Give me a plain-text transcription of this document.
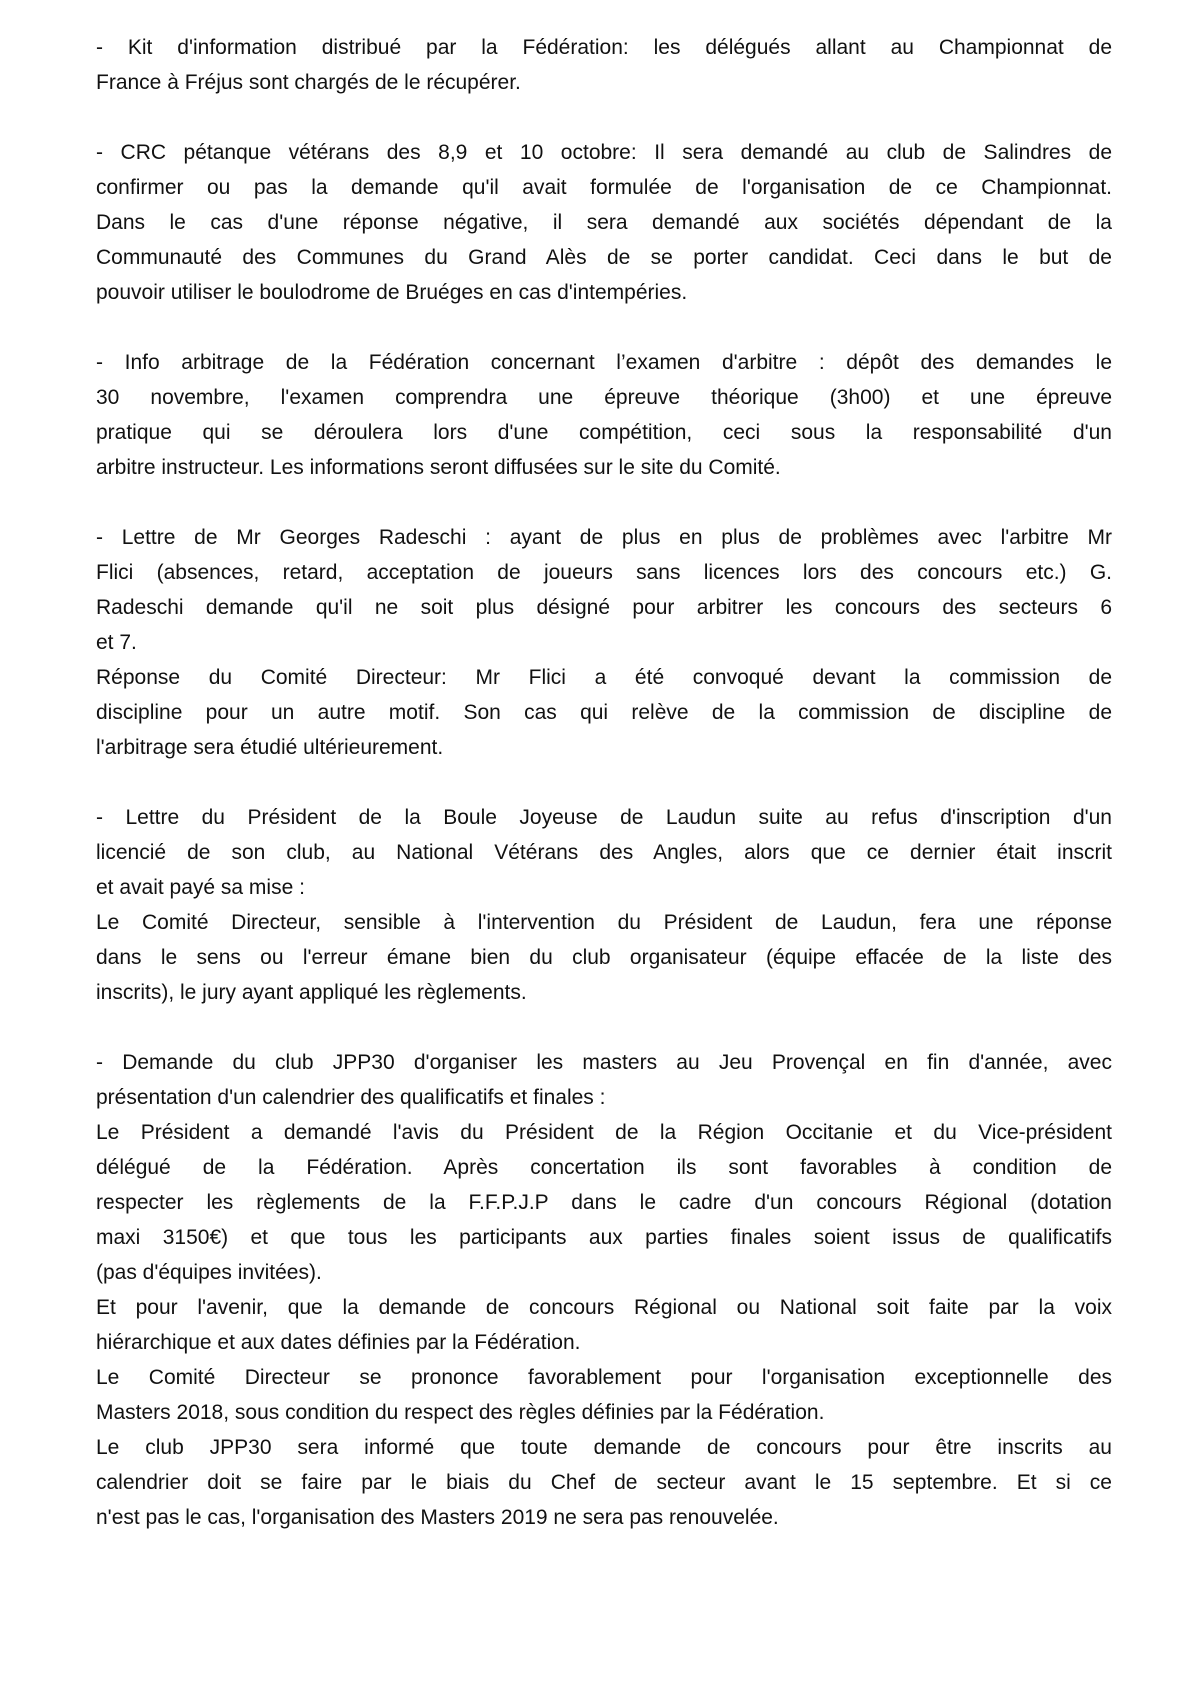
- Kit d'information distribué par la Fédération: les délégués allant au Championnat de
France à Fréjus sont chargés de le récupérer.
- CRC pétanque vétérans des 8,9 et 10 octobre: Il sera demandé au club de Salindres de
confirmer ou pas la demande qu'il avait formulée de l'organisation de ce Championnat.
Dans le cas d'une réponse négative, il sera demandé aux sociétés dépendant de la
Communauté des Communes du Grand Alès de se porter candidat. Ceci dans le but de
pouvoir utiliser le boulodrome de Bruéges en cas d'intempéries.
- Info arbitrage de la Fédération concernant l’examen d'arbitre : dépôt des demandes le
30 novembre, l'examen comprendra une épreuve théorique (3h00) et une épreuve
pratique qui se déroulera lors d'une compétition, ceci sous la responsabilité d'un
arbitre instructeur. Les informations seront diffusées sur le site du Comité.
- Lettre de Mr Georges Radeschi : ayant de plus en plus de problèmes avec l'arbitre Mr
Flici (absences, retard, acceptation de joueurs sans licences lors des concours etc.) G.
Radeschi demande qu'il ne soit plus désigné pour arbitrer les concours des secteurs 6
et 7.
Réponse du Comité Directeur: Mr Flici a été convoqué devant la commission de
discipline pour un autre motif. Son cas qui relève de la commission de discipline de
l'arbitrage sera étudié ultérieurement.
- Lettre du Président de la Boule Joyeuse de Laudun suite au refus d'inscription d'un
licencié de son club, au National Vétérans des Angles, alors que ce dernier était inscrit
et avait payé sa mise :
Le Comité Directeur, sensible à l'intervention du Président de Laudun, fera une réponse
dans le sens ou l'erreur émane bien du club organisateur (équipe effacée de la liste des
inscrits), le jury ayant appliqué les règlements.
- Demande du club JPP30 d'organiser les masters au Jeu Provençal en fin d'année, avec
présentation d'un calendrier des qualificatifs et finales :
Le Président a demandé l'avis du Président de la Région Occitanie et du Vice-président
délégué de la Fédération. Après concertation ils sont favorables à condition de
respecter les règlements de la F.F.P.J.P dans le cadre d'un concours Régional (dotation
maxi 3150€) et que tous les participants aux parties finales soient issus de qualificatifs
(pas d'équipes invitées).
Et pour l'avenir, que la demande de concours Régional ou National soit faite par la voix
hiérarchique et aux dates définies par la Fédération.
Le Comité Directeur se prononce favorablement pour l'organisation exceptionnelle des
Masters 2018, sous condition du respect des règles définies par la Fédération.
Le club JPP30 sera informé que toute demande de concours pour être inscrits au
calendrier doit se faire par le biais du Chef de secteur avant le 15 septembre. Et si ce
n'est pas le cas, l'organisation des Masters 2019 ne sera pas renouvelée.
